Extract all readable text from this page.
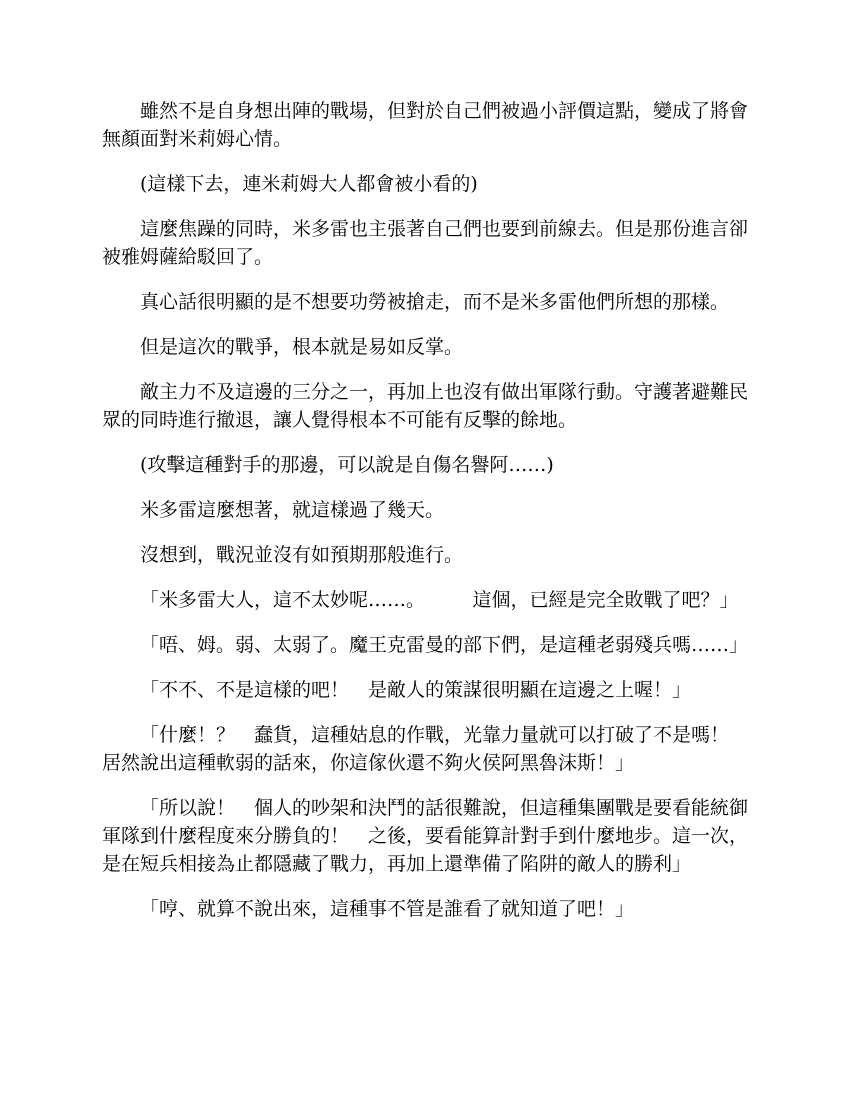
雖然不是自身想出陣的戰場，但對於自己們被過小評價這點，變成了將會無顏面對米莉姆心情。

(這樣下去，連米莉姆大人都會被小看的)

這麼焦躁的同時，米多雷也主張著自己們也要到前線去。但是那份進言卻被雅姆薩給駁回了。

真心話很明顯的是不想要功勞被搶走，而不是米多雷他們所想的那樣。

但是這次的戰爭，根本就是易如反掌。

敵主力不及這邊的三分之一，再加上也沒有做出軍隊行動。守護著避難民眾的同時進行撤退，讓人覺得根本不可能有反擊的餘地。

(攻擊這種對手的那邊，可以說是自傷名譽阿……)

米多雷這麼想著，就這樣過了幾天。

沒想到，戰況並沒有如預期那般進行。

「米多雷大人，這不太妙呢……。　　　這個，已經是完全敗戰了吧？」

「唔、姆。弱、太弱了。魔王克雷曼的部下們，是這種老弱殘兵嗎……」

「不不、不是這樣的吧！　是敵人的策謀很明顯在這邊之上喔！」

「什麼！？　蠢貨，這種姑息的作戰，光靠力量就可以打破了不是嗎！　居然說出這種軟弱的話來，你這傢伙還不夠火侯阿黑魯沫斯！」

「所以說！　個人的吵架和決鬥的話很難說，但這種集團戰是要看能統御軍隊到什麼程度來分勝負的！　之後，要看能算計對手到什麼地步。這一次，是在短兵相接為止都隱藏了戰力，再加上還準備了陷阱的敵人的勝利」

「哼、就算不說出來，這種事不管是誰看了就知道了吧！」
